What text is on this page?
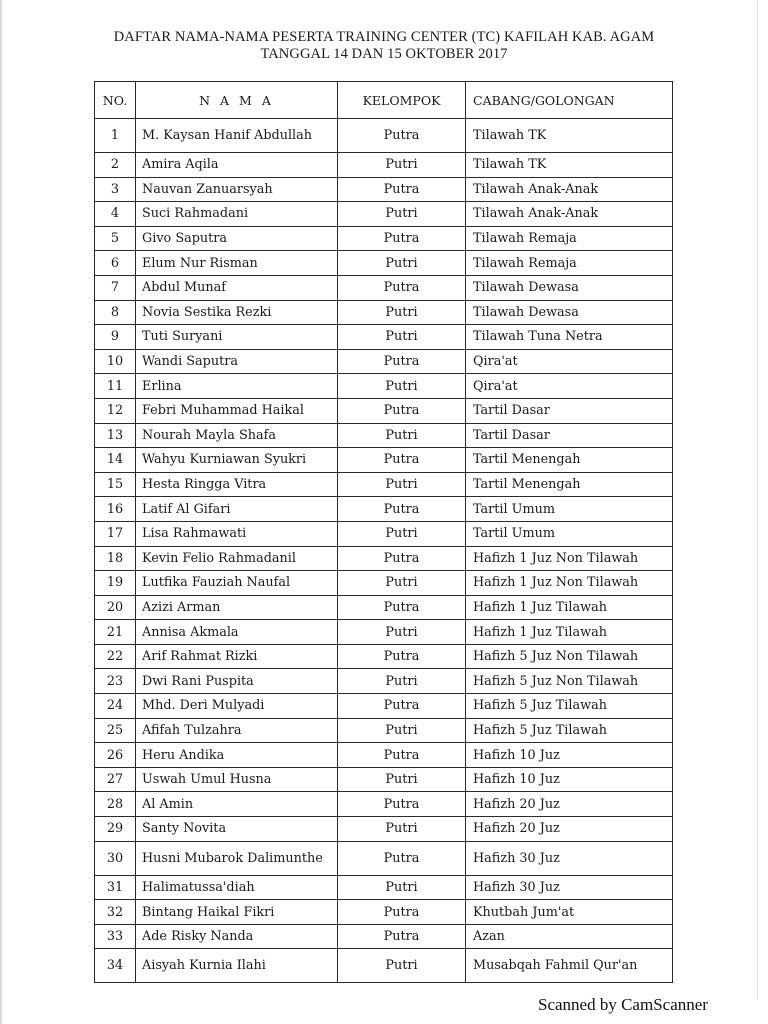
DAFTAR NAMA-NAMA PESERTA TRAINING CENTER (TC) KAFILAH KAB. AGAM
TANGGAL 14 DAN 15 OKTOBER 2017
NO.	N A M A	KELOMPOK	CABANG/GOLONGAN
1	M. Kaysan Hanif Abdullah	Putra	Tilawah TK
2	Amira Aqila	Putri	Tilawah TK
3	Nauvan Zanuarsyah	Putra	Tilawah Anak-Anak
4	Suci Rahmadani	Putri	Tilawah Anak-Anak
5	Givo Saputra	Putra	Tilawah Remaja
6	Elum Nur Risman	Putri	Tilawah Remaja
7	Abdul Munaf	Putra	Tilawah Dewasa
8	Novia Sestika Rezki	Putri	Tilawah Dewasa
9	Tuti Suryani	Putri	Tilawah Tuna Netra
10	Wandi Saputra	Putra	Qira'at
11	Erlina	Putri	Qira'at
12	Febri Muhammad Haikal	Putra	Tartil Dasar
13	Nourah Mayla Shafa	Putri	Tartil Dasar
14	Wahyu Kurniawan Syukri	Putra	Tartil Menengah
15	Hesta Ringga Vitra	Putri	Tartil Menengah
16	Latif Al Gifari	Putra	Tartil Umum
17	Lisa Rahmawati	Putri	Tartil Umum
18	Kevin Felio Rahmadanil	Putra	Hafizh 1 Juz Non Tilawah
19	Lutfika Fauziah Naufal	Putri	Hafizh 1 Juz Non Tilawah
20	Azizi Arman	Putra	Hafizh 1 Juz Tilawah
21	Annisa Akmala	Putri	Hafizh 1 Juz Tilawah
22	Arif Rahmat Rizki	Putra	Hafizh 5 Juz Non Tilawah
23	Dwi Rani Puspita	Putri	Hafizh 5 Juz Non Tilawah
24	Mhd. Deri Mulyadi	Putra	Hafizh 5 Juz Tilawah
25	Afifah Tulzahra	Putri	Hafizh 5 Juz Tilawah
26	Heru Andika	Putra	Hafizh 10 Juz
27	Uswah Umul Husna	Putri	Hafizh 10 Juz
28	Al Amin	Putra	Hafizh 20 Juz
29	Santy Novita	Putri	Hafizh 20 Juz
30	Husni Mubarok Dalimunthe	Putra	Hafizh 30 Juz
31	Halimatussa'diah	Putri	Hafizh 30 Juz
32	Bintang Haikal Fikri	Putra	Khutbah Jum'at
33	Ade Risky Nanda	Putra	Azan
34	Aisyah Kurnia Ilahi	Putri	Musabqah Fahmil Qur'an
Scanned by CamScanner
